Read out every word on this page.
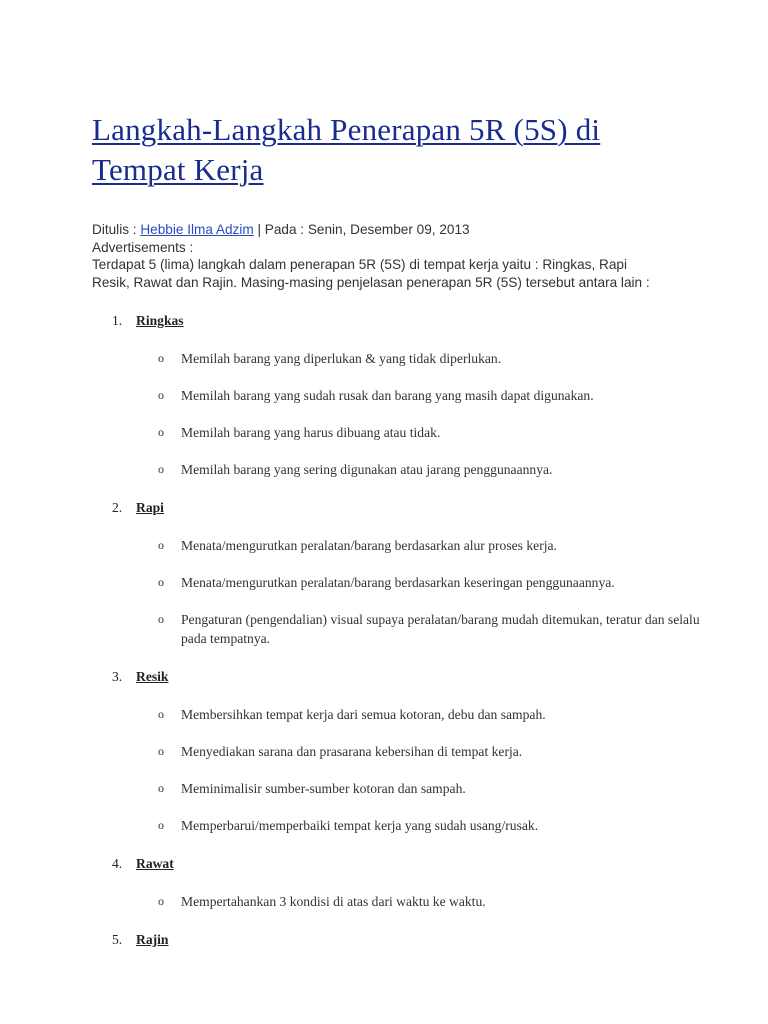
Langkah-Langkah Penerapan 5R (5S) di Tempat Kerja
Ditulis : Hebbie Ilma Adzim | Pada : Senin, Desember 09, 2013
Advertisements :
Terdapat 5 (lima) langkah dalam penerapan 5R (5S) di tempat kerja yaitu : Ringkas, Rapi Resik, Rawat dan Rajin. Masing-masing penjelasan penerapan 5R (5S) tersebut antara lain :
1. Ringkas
o Memilah barang yang diperlukan & yang tidak diperlukan.
o Memilah barang yang sudah rusak dan barang yang masih dapat digunakan.
o Memilah barang yang harus dibuang atau tidak.
o Memilah barang yang sering digunakan atau jarang penggunaannya.
2. Rapi
o Menata/mengurutkan peralatan/barang berdasarkan alur proses kerja.
o Menata/mengurutkan peralatan/barang berdasarkan keseringan penggunaannya.
o Pengaturan (pengendalian) visual supaya peralatan/barang mudah ditemukan, teratur dan selalu pada tempatnya.
3. Resik
o Membersihkan tempat kerja dari semua kotoran, debu dan sampah.
o Menyediakan sarana dan prasarana kebersihan di tempat kerja.
o Meminimalisir sumber-sumber kotoran dan sampah.
o Memperbarui/memperbaiki tempat kerja yang sudah usang/rusak.
4. Rawat
o Mempertahankan 3 kondisi di atas dari waktu ke waktu.
5. Rajin
